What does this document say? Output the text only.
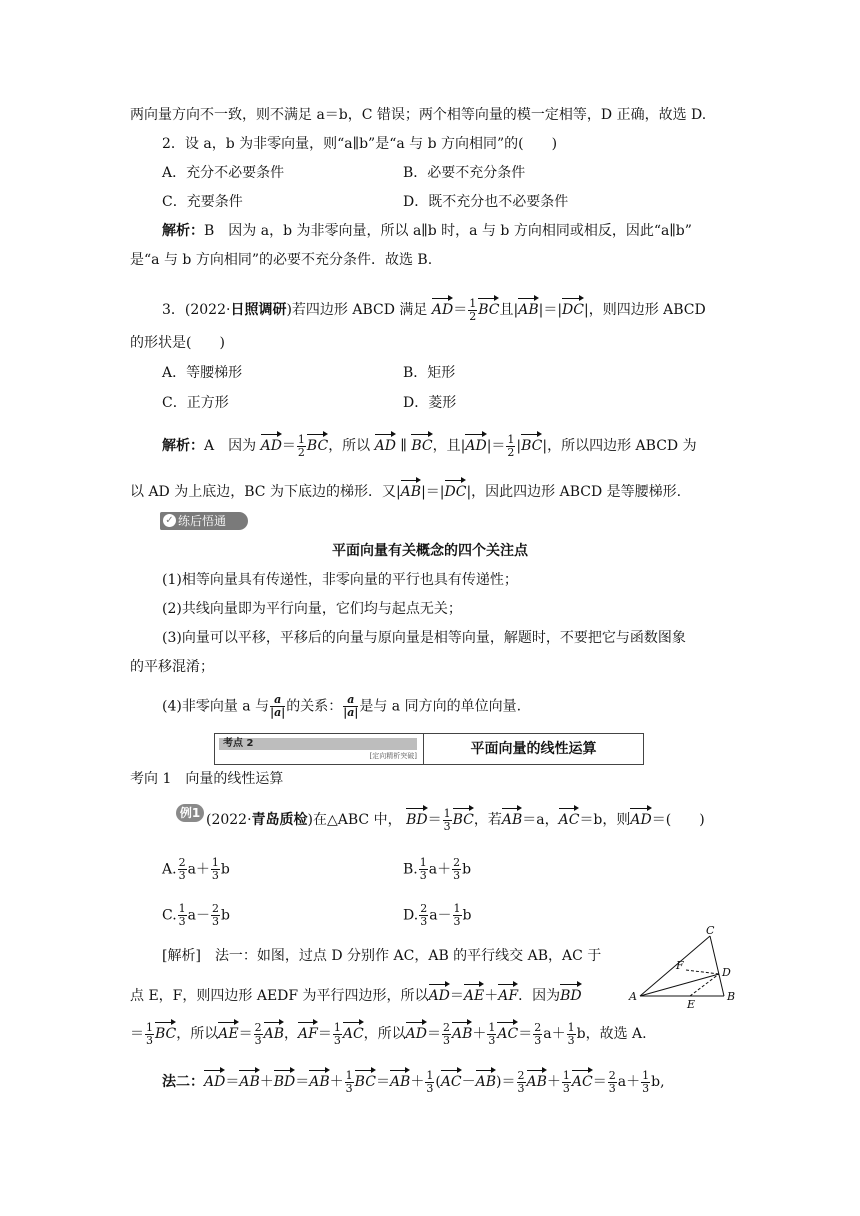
两向量方向不一致，则不满足 a＝b，C 错误；两个相等向量的模一定相等，D 正确，故选 D.
2．设 a，b 为非零向量，则“a∥b”是“a 与 b 方向相同”的(　　)
A．充分不必要条件	B．必要不充分条件
C．充要条件	D．既不充分也不必要条件
解析：B　因为 a，b 为非零向量，所以 a∥b 时，a 与 b 方向相同或相反，因此“a∥b”
是“a 与 b 方向相同”的必要不充分条件．故选 B.
3．(2022·日照调研)若四边形 ABCD 满足 $AD= \frac{1}{2}$ BC且|AB|＝|DC|，则四边形 ABCD
的形状是(　　)
A．等腰梯形	B．矩形
C．正方形	D．菱形
解析：A　因为 $AD= \frac{1}{2}$ BC，所以 AD ∥ BC，且$|AD|= \frac{1}{2} |BC|$，所以四边形 ABCD 为
以 AD 为上底边，BC 为下底边的梯形．又|AB|＝|DC|，因此四边形 ABCD 是等腰梯形.
✓ 练后悟通
平面向量有关概念的四个关注点
(1)相等向量具有传递性，非零向量的平行也具有传递性；
(2)共线向量即为平行向量，它们均与起点无关；
(3)向量可以平移，平移后的向量与原向量是相等向量，解题时，不要把它与函数图象
的平移混淆；
(4)非零向量 a 与 $\frac{a}{|a|}$ 的关系： $\frac{a}{|a|}$ 是与 a 同方向的单位向量.
考点 2
[定向精析突破]	平面向量的线性运算
考向 1　向量的线性运算
例1 (2022·青岛质检)在△ABC 中， $BD= \frac{1}{3}$ BC，若AB＝a，AC＝b，则AD＝(　　)
A. $\frac{2}{3} a+ \frac{1}{3}$ b	B. $\frac{1}{3} a+ \frac{2}{3}$ b
C. $\frac{1}{3} a- \frac{2}{3}$ b	D. $\frac{2}{3} a- \frac{1}{3}$ b
[解析]　 法一：如图，过点 D 分别作 AC，AB 的平行线交 AB，AC 于
点 E，F，则四边形 AEDF 为平行四边形，所以AD＝AE＋AF．因为BD
＝ $\frac{1}{3}$ BC，所以$AE= \frac{2}{3}$ AB，$AF= \frac{1}{3}$ AC，所以$AD= \frac{2}{3} AB+ \frac{1}{3} AC= \frac{2}{3} a+ \frac{1}{3}$ b，故选 A.
法二：$AD=AB+BD=AB+ \frac{1}{3} BC=AB+ \frac{1}{3} (AC-AB)= \frac{2}{3} AB+ \frac{1}{3} AC= \frac{2}{3} a+ \frac{1}{3} b$,
A	B
C
D
E
F
